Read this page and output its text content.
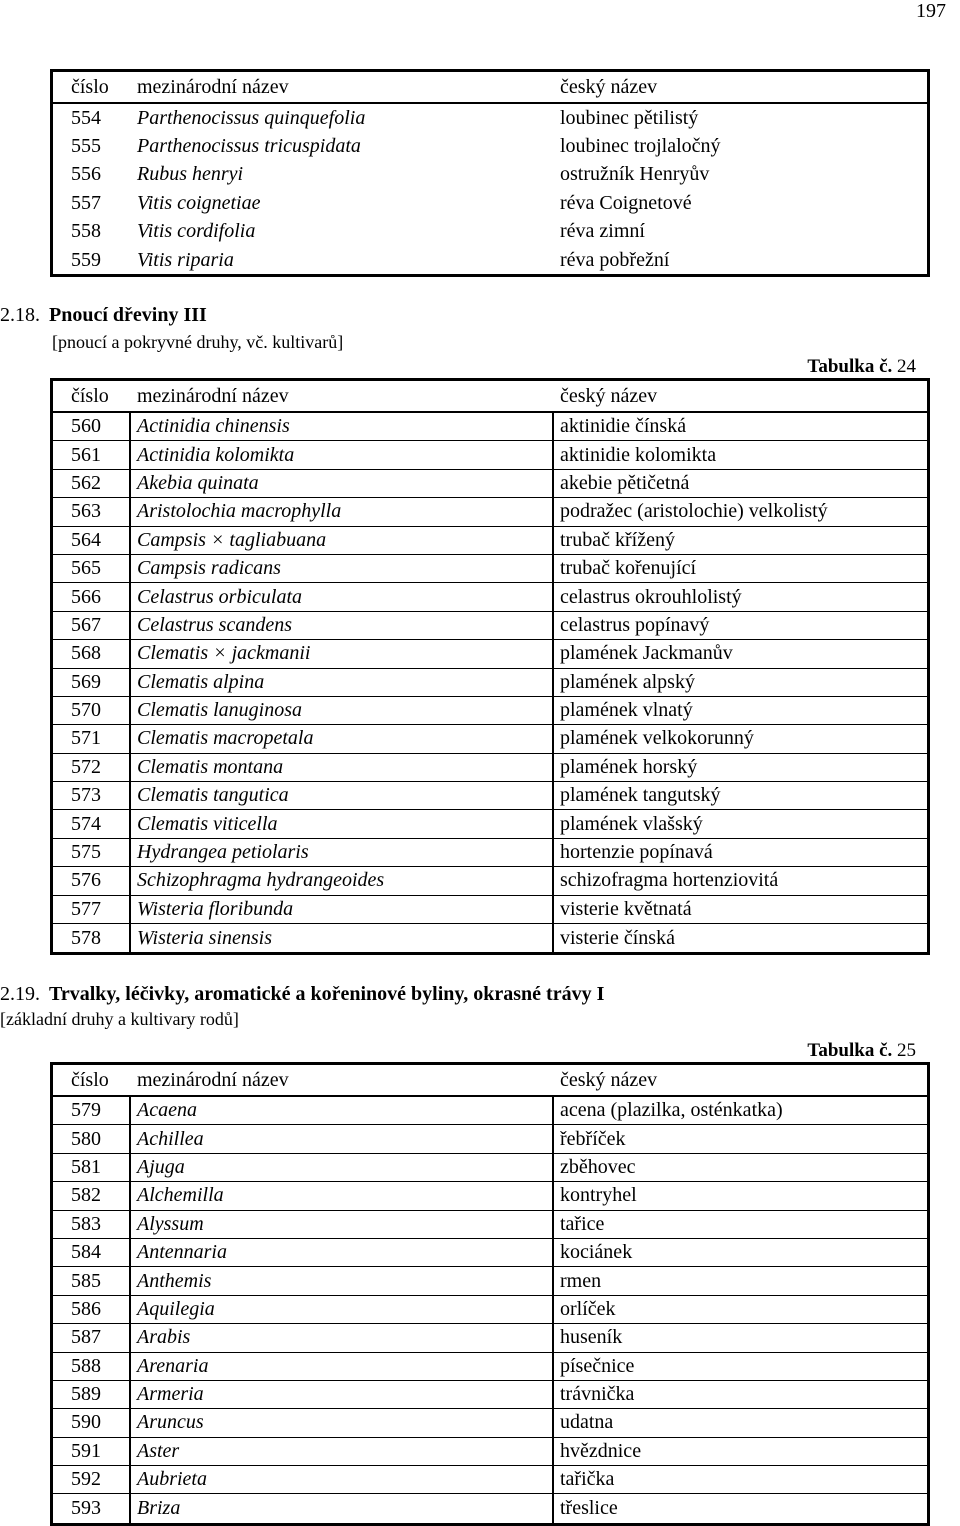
197
číslo	mezinárodní název	český název
554	Parthenocissus quinquefolia	loubinec pětilistý
555	Parthenocissus tricuspidata	loubinec trojlaločný
556	Rubus henryi	ostružník Henryův
557	Vitis coignetiae	réva Coignetové
558	Vitis cordifolia	réva zimní
559	Vitis riparia	réva pobřežní
2.18. Pnoucí dřeviny III
[pnoucí a pokryvné druhy, vč. kultivarů]
Tabulka č. 24
číslo	mezinárodní název	český název
560	Actinidia chinensis	aktinidie čínská
561	Actinidia kolomikta	aktinidie kolomikta
562	Akebia quinata	akebie pětičetná
563	Aristolochia macrophylla	podražec (aristolochie) velkolistý
564	Campsis × tagliabuana	trubač křížený
565	Campsis radicans	trubač kořenující
566	Celastrus orbiculata	celastrus okrouhlolistý
567	Celastrus scandens	celastrus popínavý
568	Clematis × jackmanii	plamének Jackmanův
569	Clematis alpina	plamének alpský
570	Clematis lanuginosa	plamének vlnatý
571	Clematis macropetala	plamének velkokorunný
572	Clematis montana	plamének horský
573	Clematis tangutica	plamének tangutský
574	Clematis viticella	plamének vlašský
575	Hydrangea petiolaris	hortenzie popínavá
576	Schizophragma hydrangeoides	schizofragma hortenziovitá
577	Wisteria floribunda	visterie květnatá
578	Wisteria sinensis	visterie čínská
2.19. Trvalky, léčivky, aromatické a kořeninové byliny, okrasné trávy I
[základní druhy a kultivary rodů]
Tabulka č. 25
číslo	mezinárodní název	český název
579	Acaena	acena (plazilka, osténkatka)
580	Achillea	řebříček
581	Ajuga	zběhovec
582	Alchemilla	kontryhel
583	Alyssum	tařice
584	Antennaria	kociánek
585	Anthemis	rmen
586	Aquilegia	orlíček
587	Arabis	huseník
588	Arenaria	písečnice
589	Armeria	trávnička
590	Aruncus	udatna
591	Aster	hvězdnice
592	Aubrieta	tařička
593	Briza	třeslice
